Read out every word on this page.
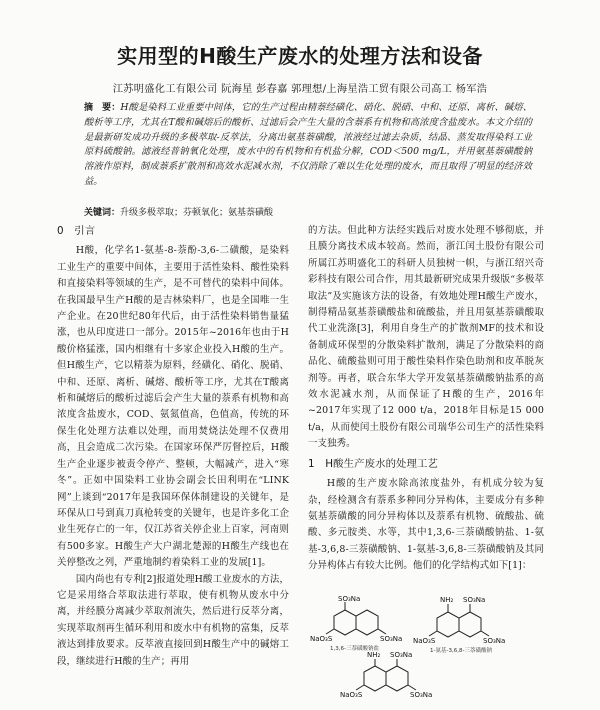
实用型的H酸生产废水的处理方法和设备
江苏明盛化工有限公司 阮海星 彭春嘉 郭理想/上海星浩工贸有限公司高工 杨军浩
摘　要：H酸是染料工业重要中间体，它的生产过程由精萘经磺化、硝化、脱硝、中和、还原、离析、碱熔、酸析等工序，尤其在T酸和碱熔后的酸析、过滤后会产生大量的含萘系有机物和高浓度含盐废水。本文介绍的是最新研发成功升级的多极萃取-反萃法，分离出氨基萘磺酸，浓液经过滤去杂质，结晶、蒸发取得染料工业原料硫酸钠。滤液经普钠氧化处理，废水中的有机物和有机盐分解，COD＜500 mg/L，并用氨基萘磺酸钠溶液作原料，制成萘系扩散剂和高效水泥减水剂，不仅消除了难以生化处理的废水，而且取得了明显的经济效益。
关键词：升级多极萃取；芬顿氧化；氨基萘磺酸
0　引言

H酸，化学名1-氨基-8-萘酚-3,6-二磺酸，是染料工业生产的重要中间体，主要用于活性染料、酸性染料和直接染料等领域的生产，是不可替代的染料中间体。在我国最早生产H酸的是吉林染料厂，也是全国唯一生产企业。在20世纪80年代后，由于活性染料销售量猛涨，也从印度进口一部分。2015年~2016年也由于H酸价格猛涨，国内相继有十多家企业投入H酸的生产。但H酸生产，它以精萘为原料，经磺化、硝化、脱硝、中和、还原、离析、碱熔、酸析等工序，尤其在T酸离析和碱熔后的酸析过滤后会产生大量的萘系有机物和高浓度含盐废水，COD、氨氮值高，色值高，传统的环保生化处理方法难以处理，而用焚烧法处理不仅费用高，且会造成二次污染。在国家环保严厉督控后，H酸生产企业逐步被责令停产、整顿，大幅减产，进入“寒冬”。正如中国染料工业协会副会长田利明在“LINK网”上谈到“2017年是我国环保体制建设的关键年，是环保从口号到真刀真枪转变的关键年，也是许多化工企业生死存亡的一年，仅江苏省关停企业上百家，河南则有500多家。H酸生产大户湖北楚源的H酸生产线也在关停整改之列，严重地制约着染料工业的发展[1]。

国内尚也有专利[2]报道处理H酸工业废水的方法，它是采用络合萃取法进行萃取，使有机物从废水中分离，并经膜分离减少萃取剂流失，然后进行反萃分离，实现萃取剂再生循环利用和废水中有机物的富集，反萃液达到排放要求。反萃液直接回到H酸生产中的碱熔工段，继续进行H酸的生产；再用

的方法。但此种方法经实践后对废水处理不够彻底，并且膜分离技术成本较高。然而，浙江闰土股份有限公司所属江苏明盛化工的科研人员独树一帜，与浙江绍兴奇彩科技有限公司合作，用其最新研究成果升级版“多极萃取法”及实施该方法的设备，有效地处理H酸生产废水，制得精品氨基萘磺酸盐和硫酸盐，并且用氨基萘磺酸取代工业洗涤[3]，利用自身生产的扩散剂MF的技术和设备制成环保型的分散染料扩散剂，满足了分散染料的商品化、硫酸盐则可用于酸性染料作染色助剂和皮革脱灰剂等。再者，联合东华大学开发氨基萘磺酸钠盐系的高效水泥减水剂，从而保证了H酸的生产，2016年~2017年实现了12 000 t/a，2018年目标是15 000 t/a，从而使闰土股份有限公司瑞华公司生产的活性染料一支独秀。

1　H酸生产废水的处理工艺

H酸的生产废水除高浓度盐外，有机成分较为复杂，经检测含有萘系多种同分异构体，主要成分有多种氨基萘磺酸的同分异构体以及萘系有机物、硫酸盐、硫酸、多元胺类、水等，其中1,3,6-三萘磺酸钠盐、1-氨基-3,6,8-三萘磺酸钠、1-氨基-3,6,8-三萘磺酸钠及其同分异构体占有较大比例。他们的化学结构式如下[1]：

SO₃Na
NaO₃S	SO₃Na
SO₃Na
NH₂
NaO₃S	SO₃Na
NH₂ SO₃Na
NaO₃S	SO₃Na
1,3,6-三萘磺酸钠盐	1-氨基-3,6,8-三萘磺酸钠
